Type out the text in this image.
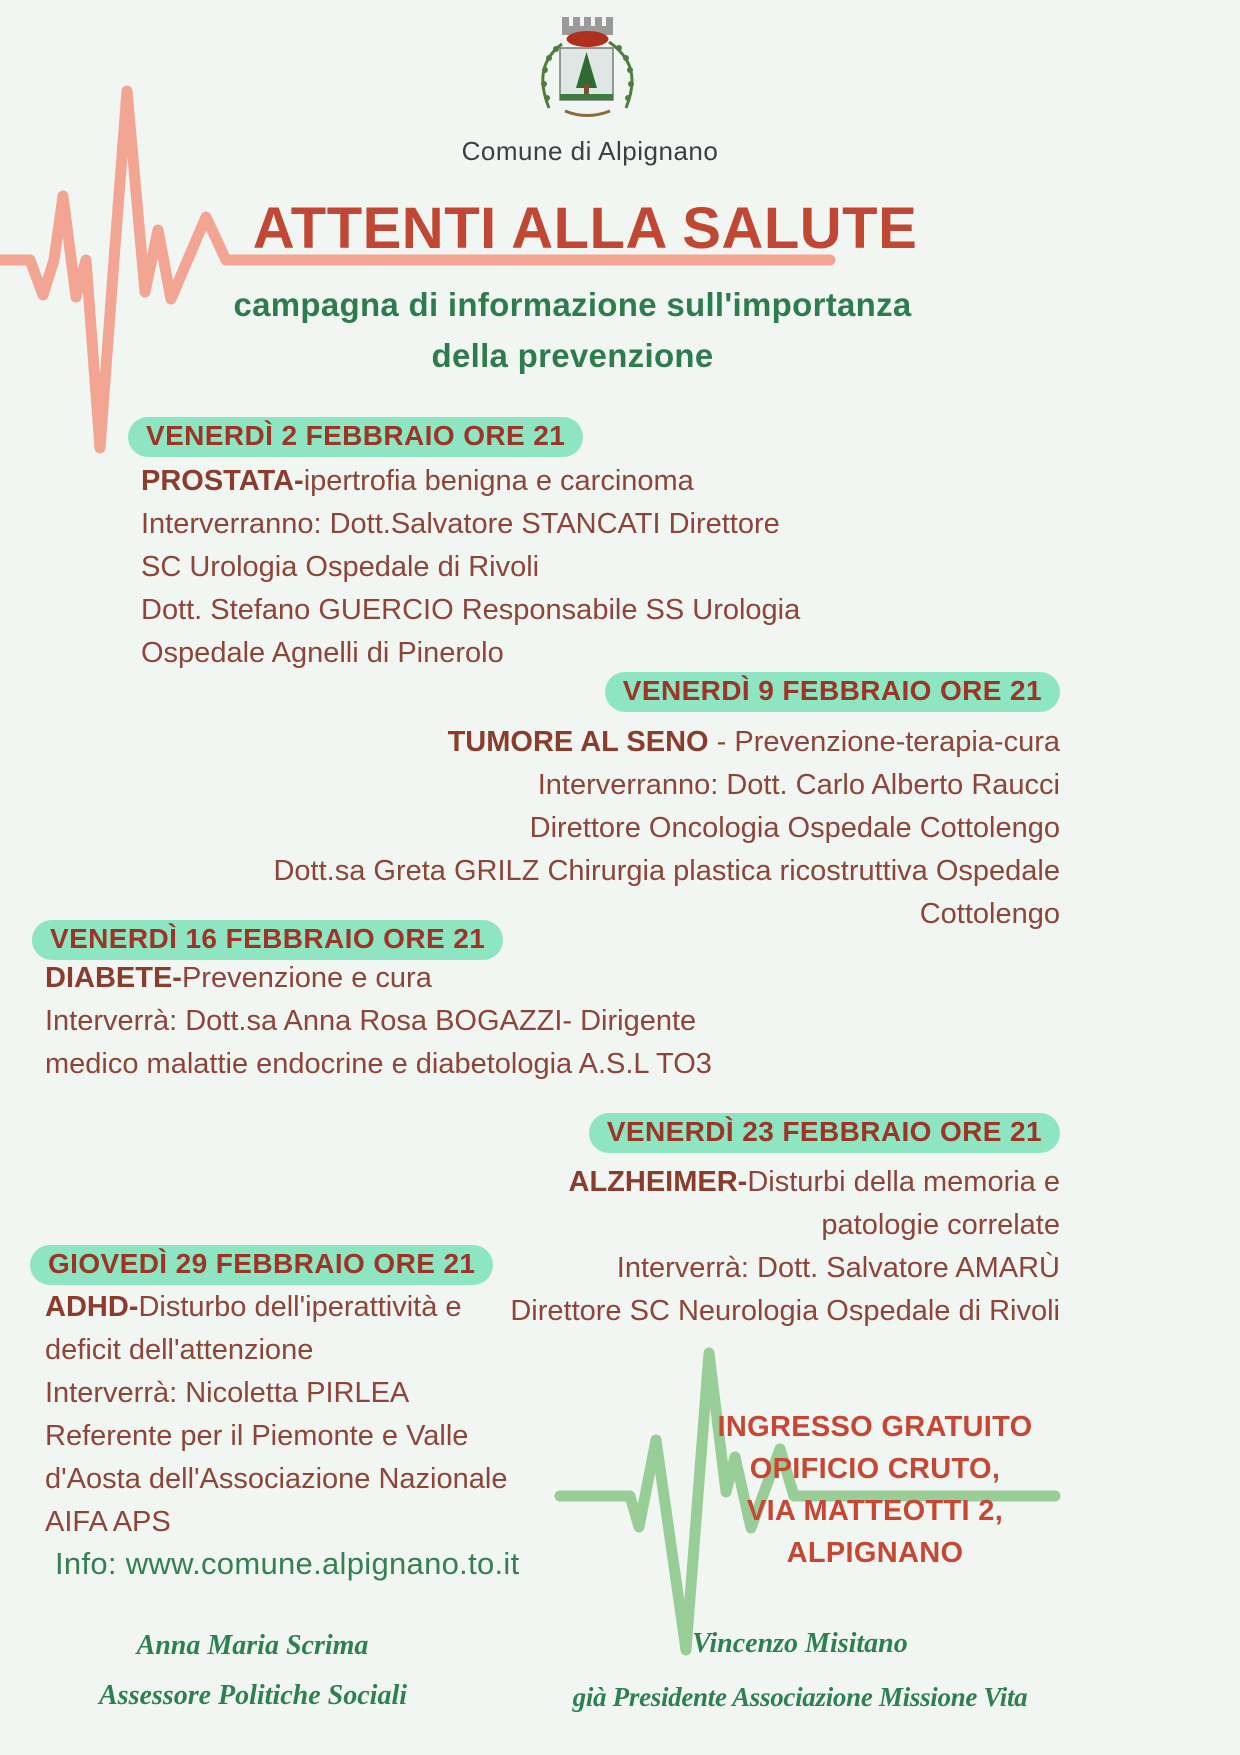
Comune di Alpignano
ATTENTI ALLA SALUTE
campagna di informazione sull'importanza
della prevenzione
VENERDÌ 2 FEBBRAIO ORE 21
PROSTATA-ipertrofia benigna e carcinoma
Interverranno: Dott.Salvatore STANCATI Direttore
SC Urologia Ospedale di Rivoli
Dott. Stefano GUERCIO Responsabile SS Urologia
Ospedale Agnelli di Pinerolo
VENERDÌ 9 FEBBRAIO ORE 21
TUMORE AL SENO - Prevenzione-terapia-cura
Interverranno: Dott. Carlo Alberto Raucci
Direttore Oncologia Ospedale Cottolengo
Dott.sa Greta GRILZ Chirurgia plastica ricostruttiva Ospedale
Cottolengo
VENERDÌ 16 FEBBRAIO ORE 21
DIABETE-Prevenzione e cura
Interverrà: Dott.sa Anna Rosa BOGAZZI- Dirigente
medico malattie endocrine e diabetologia A.S.L TO3
VENERDÌ 23 FEBBRAIO ORE 21
ALZHEIMER-Disturbi della memoria e
patologie correlate
Interverrà: Dott. Salvatore AMARÙ
Direttore SC Neurologia Ospedale di Rivoli
GIOVEDÌ 29 FEBBRAIO ORE 21
ADHD-Disturbo dell'iperattività e
deficit dell'attenzione
Interverrà: Nicoletta PIRLEA
Referente per il Piemonte e Valle
d'Aosta dell'Associazione Nazionale
AIFA APS
Info: www.comune.alpignano.to.it
INGRESSO GRATUITO
OPIFICIO CRUTO,
VIA MATTEOTTI 2,
ALPIGNANO
Anna Maria Scrima
Assessore Politiche Sociali
Vincenzo Misitano
già Presidente Associazione Missione Vita
